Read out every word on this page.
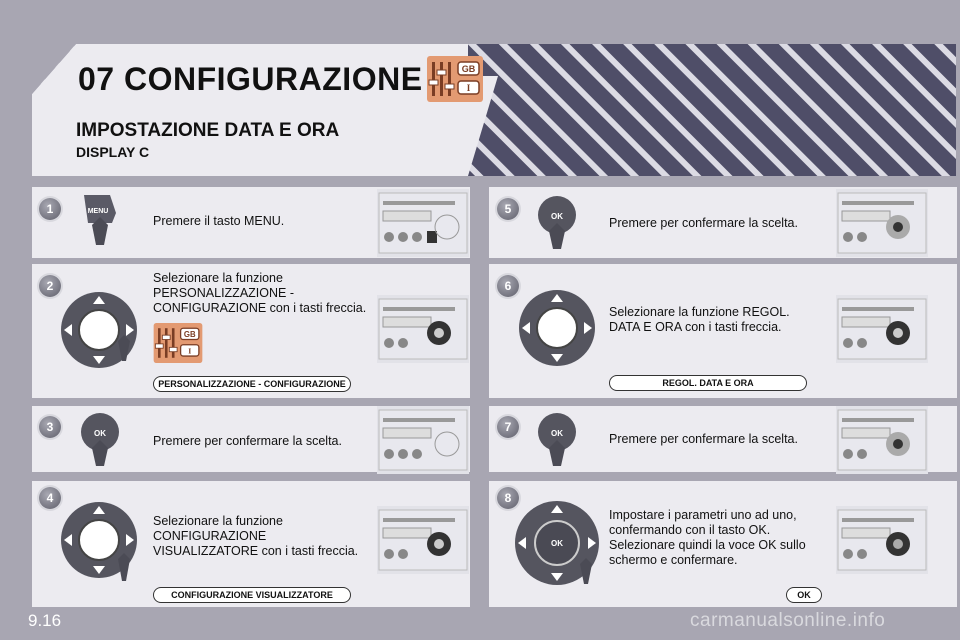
07 CONFIGURAZIONE	GB
I
IMPOSTAZIONE DATA E ORA
DISPLAY C
1
2
3
4
5
6
7
8
Premere il tasto MENU.
Selezionare la funzione
PERSONALIZZAZIONE -
CONFIGURAZIONE con i tasti freccia.
Premere per confermare la scelta.
Selezionare la funzione
CONFIGURAZIONE
VISUALIZZATORE con i tasti freccia.
Premere per confermare la scelta.
Selezionare la funzione REGOL.
DATA E ORA con i tasti freccia.
Premere per confermare la scelta.
Impostare i parametri uno ad uno,
confermando con il tasto OK.
Selezionare quindi la voce OK sullo
schermo e confermare.
PERSONALIZZAZIONE - CONFIGURAZIONE
CONFIGURAZIONE VISUALIZZATORE
REGOL. DATA E ORA
OK
MENU
GB
I
OK
OK
OK
OK
9.16	carmanualsonline.info
